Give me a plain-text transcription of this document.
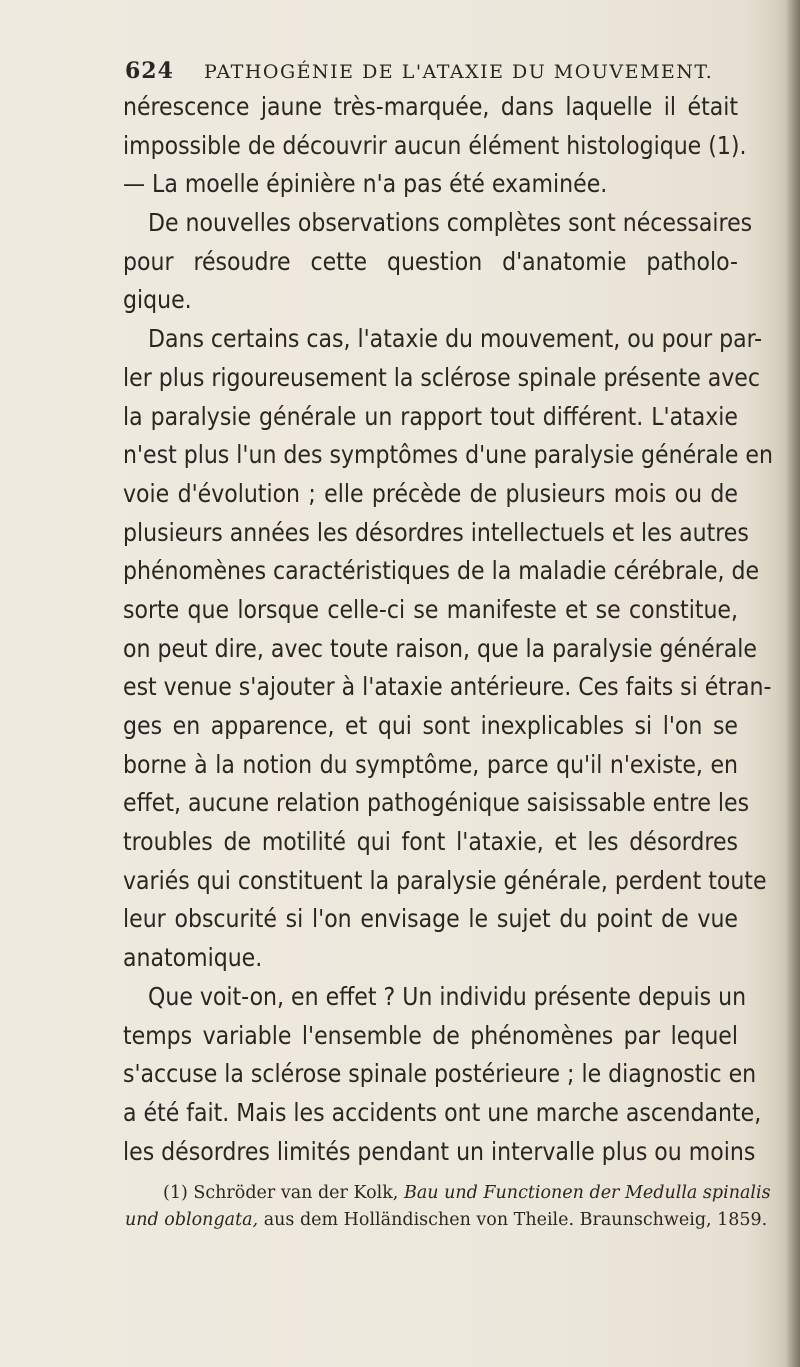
624 PATHOGÉNIE DE L'ATAXIE DU MOUVEMENT.
nérescence jaune très-marquée, dans laquelle il était
impossible de découvrir aucun élément histologique (1).
— La moelle épinière n'a pas été examinée.
De nouvelles observations complètes sont nécessaires
pour résoudre cette question d'anatomie patholo-
gique.
Dans certains cas, l'ataxie du mouvement, ou pour par-
ler plus rigoureusement la sclérose spinale présente avec
la paralysie générale un rapport tout différent. L'ataxie
n'est plus l'un des symptômes d'une paralysie générale en
voie d'évolution ; elle précède de plusieurs mois ou de
plusieurs années les désordres intellectuels et les autres
phénomènes caractéristiques de la maladie cérébrale, de
sorte que lorsque celle-ci se manifeste et se constitue,
on peut dire, avec toute raison, que la paralysie générale
est venue s'ajouter à l'ataxie antérieure. Ces faits si étran-
ges en apparence, et qui sont inexplicables si l'on se
borne à la notion du symptôme, parce qu'il n'existe, en
effet, aucune relation pathogénique saisissable entre les
troubles de motilité qui font l'ataxie, et les désordres
variés qui constituent la paralysie générale, perdent toute
leur obscurité si l'on envisage le sujet du point de vue
anatomique.
Que voit-on, en effet ? Un individu présente depuis un
temps variable l'ensemble de phénomènes par lequel
s'accuse la sclérose spinale postérieure ; le diagnostic en
a été fait. Mais les accidents ont une marche ascendante,
les désordres limités pendant un intervalle plus ou moins
(1) Schröder van der Kolk, Bau und Functionen der Medulla spinalis
und oblongata, aus dem Holländischen von Theile. Braunschweig, 1859.
